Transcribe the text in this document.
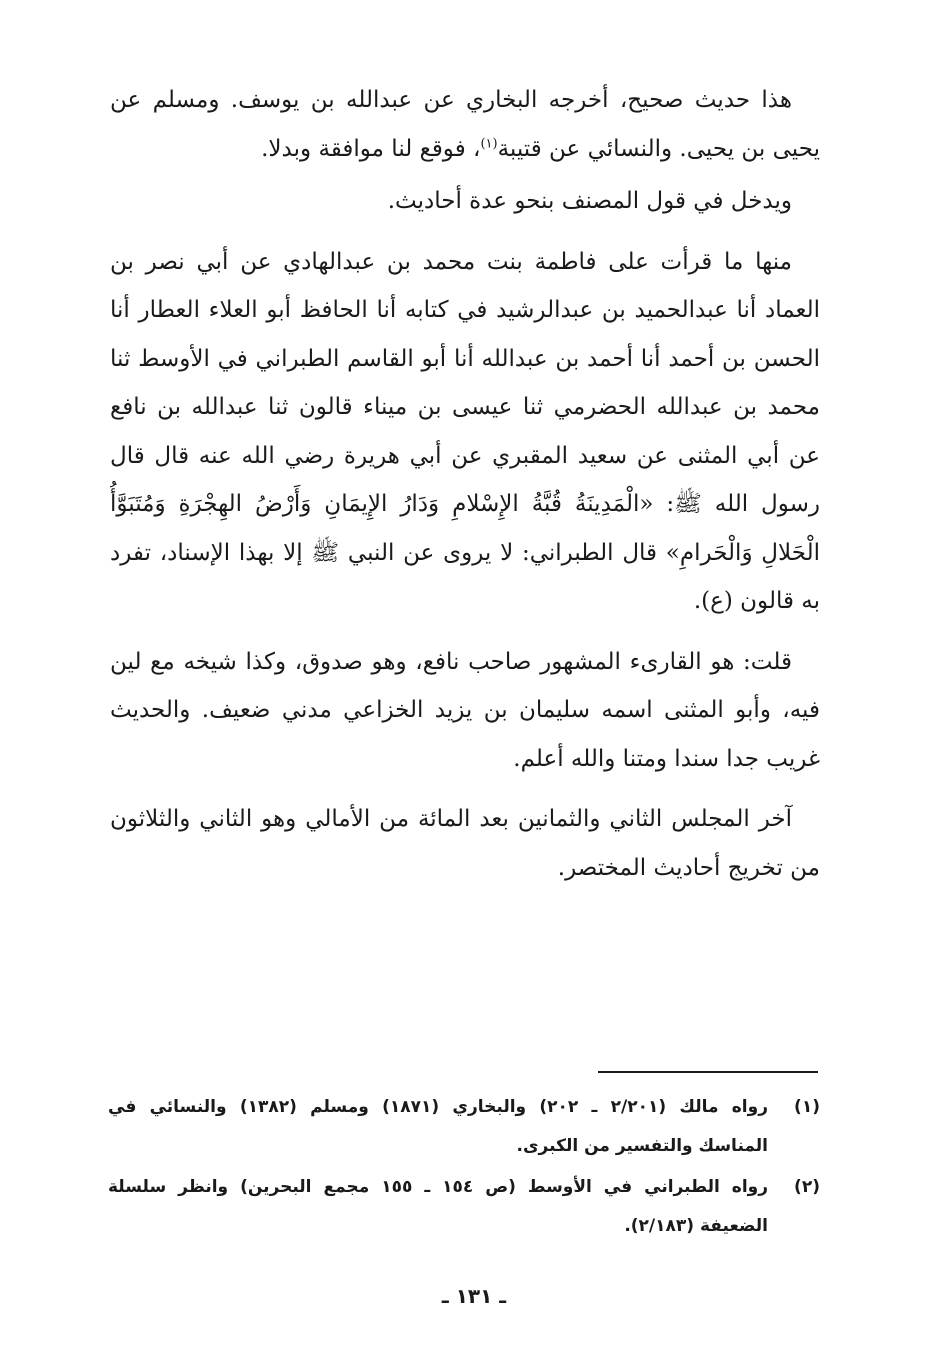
هذا حديث صحيح، أخرجه البخاري عن عبدالله بن يوسف. ومسلم عن يحيى بن يحيى. والنسائي عن قتيبة$^{(١)}$، فوقع لنا موافقة وبدلا.

ويدخل في قول المصنف بنحو عدة أحاديث.

منها ما قرأت على فاطمة بنت محمد بن عبدالهادي عن أبي نصر بن العماد أنا عبدالحميد بن عبدالرشيد في كتابه أنا الحافظ أبو العلاء العطار أنا الحسن بن أحمد أنا أحمد بن عبدالله أنا أبو القاسم الطبراني في الأوسط ثنا محمد بن عبدالله الحضرمي ثنا عيسى بن ميناء قالون ثنا عبدالله بن نافع عن أبي المثنى عن سعيد المقبري عن أبي هريرة رضي الله عنه قال قال رسول الله ﷺ: «الْمَدِينَةُ قُبَّةُ الإِسْلامِ وَدَارُ الإِيمَانِ وَأَرْضُ الهِجْرَةِ وَمُتَبَوَّأُ الْحَلالِ وَالْحَرامِ» قال الطبراني: لا يروى عن النبي ﷺ إلا بهذا الإسناد، تفرد به قالون (ع).

قلت: هو القارىء المشهور صاحب نافع، وهو صدوق، وكذا شيخه مع لين فيه، وأبو المثنى اسمه سليمان بن يزيد الخزاعي مدني ضعيف. والحديث غريب جدا سندا ومتنا والله أعلم.

آخر المجلس الثاني والثمانين بعد المائة من الأمالي وهو الثاني والثلاثون من تخريج أحاديث المختصر.

(١)
رواه مالك (٢/٢٠١ ـ ٢٠٢) والبخاري (١٨٧١) ومسلم (١٣٨٢) والنسائي في المناسك والتفسير من الكبرى.
(٢)
رواه الطبراني في الأوسط (ص ١٥٤ ـ ١٥٥ مجمع البحرين) وانظر سلسلة الضعيفة (٢/١٨٣).
ـ ١٣١ ـ
